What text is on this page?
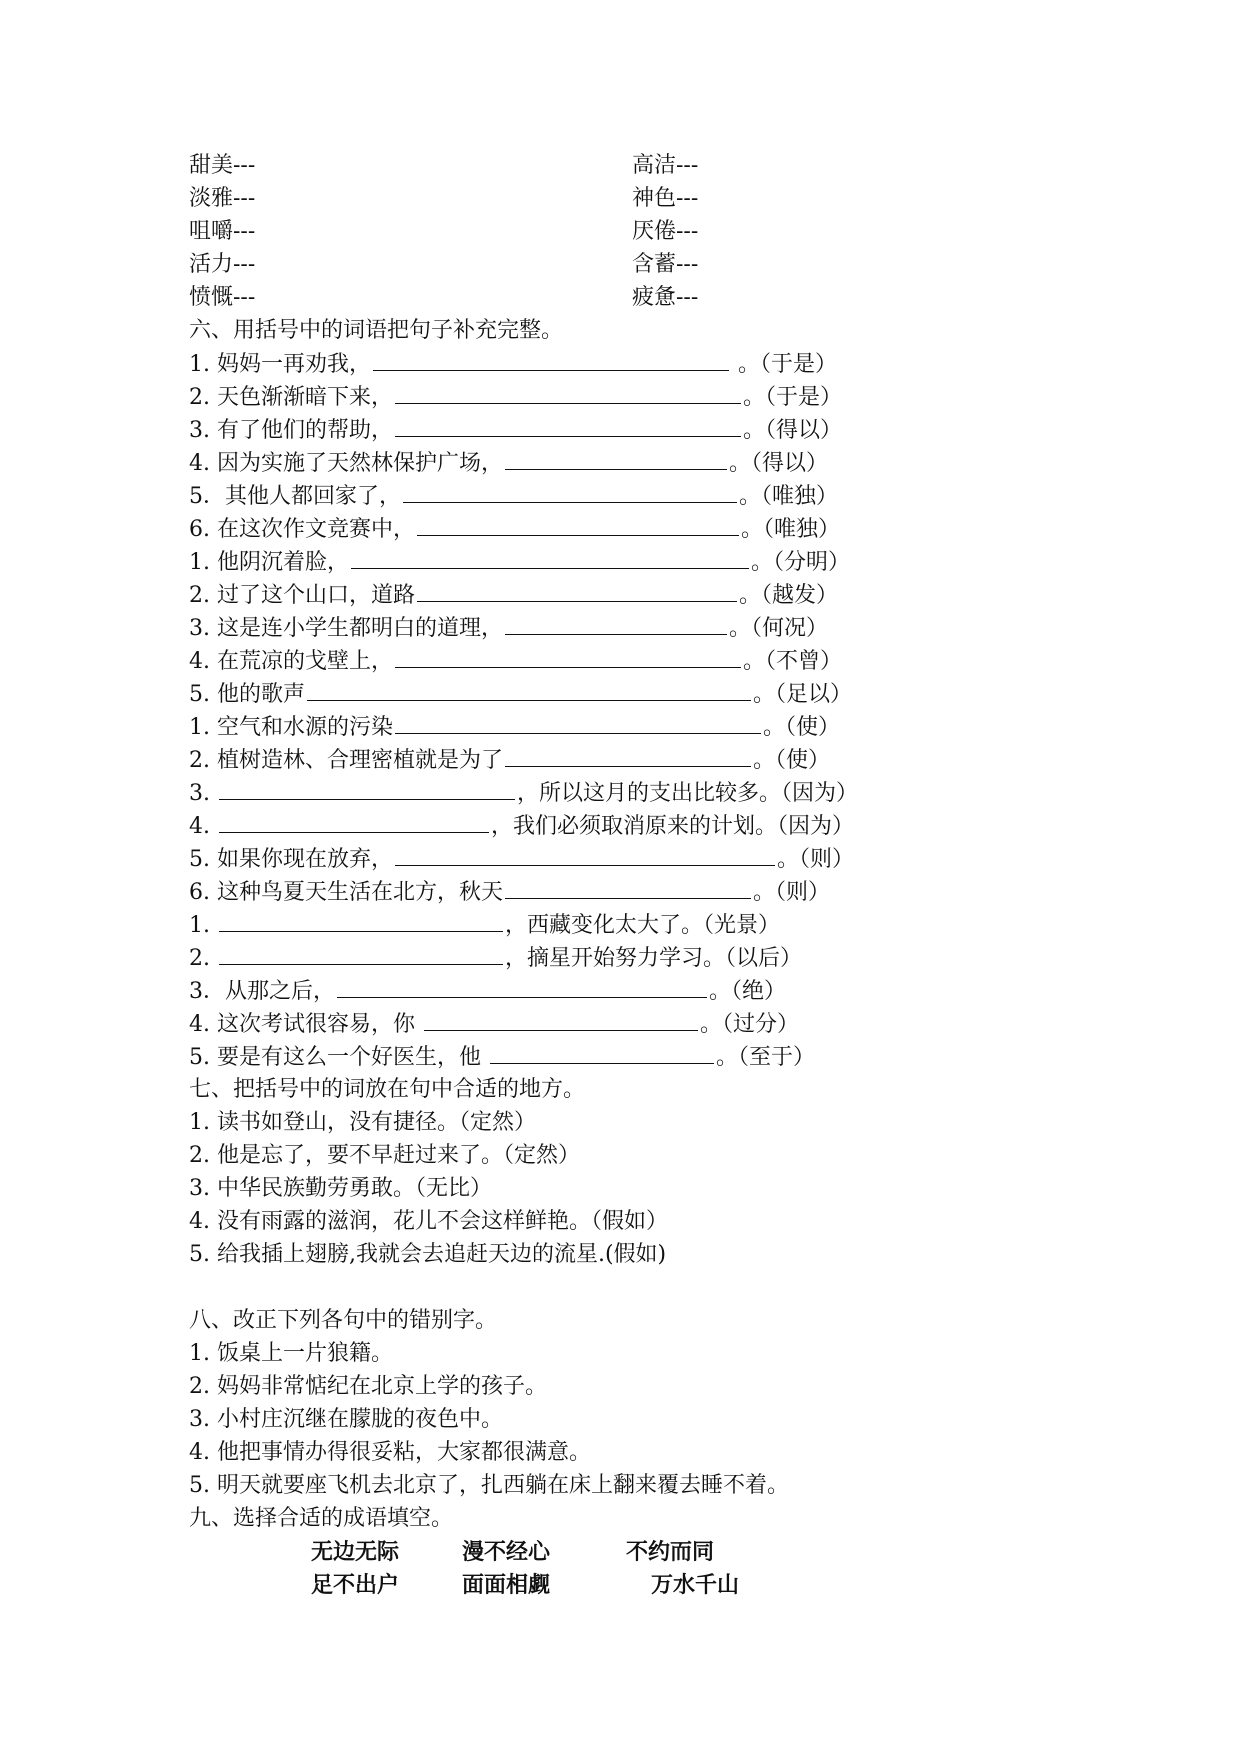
甜美---	高洁---
淡雅---	神色---
咀嚼---	厌倦---
活力---	含蓄---
愤慨---	疲惫---
六、用括号中的词语把句子补充完整。
1. 妈妈一再劝我，	。（于是）
2. 天色渐渐暗下来，	。（于是）
3. 有了他们的帮助，	。（得以）
4. 因为实施了天然林保护广场，	。（得以）
5．其他人都回家了，	。（唯独）
6. 在这次作文竞赛中，	。（唯独）
1. 他阴沉着脸，	。（分明）
2. 过了这个山口，道路	。（越发）
3. 这是连小学生都明白的道理，	。（何况）
4. 在荒凉的戈壁上，	。（不曾）
5. 他的歌声	。（足以）
1. 空气和水源的污染	。（使）
2. 植树造林、合理密植就是为了	。（使）
3.	，所以这月的支出比较多。（因为）
4.	，我们必须取消原来的计划。（因为）
5. 如果你现在放弃，	。（则）
6. 这种鸟夏天生活在北方，秋天	。（则）
1.	，西藏变化太大了。（光景）
2.	，摘星开始努力学习。（以后）
3．从那之后，	。（绝）
4. 这次考试很容易，你	。（过分）
5. 要是有这么一个好医生，他	。（至于）
七、把括号中的词放在句中合适的地方。
1. 读书如登山，没有捷径。（定然）
2. 他是忘了，要不早赶过来了。（定然）
3. 中华民族勤劳勇敢。（无比）
4. 没有雨露的滋润，花儿不会这样鲜艳。（假如）
5. 给我插上翅膀,我就会去追赶天边的流星.(假如)
八、改正下列各句中的错别字。
1. 饭桌上一片狼籍。
2. 妈妈非常惦纪在北京上学的孩子。
3. 小村庄沉继在朦胧的夜色中。
4. 他把事情办得很妥粘，大家都很满意。
5. 明天就要座飞机去北京了，扎西躺在床上翻来覆去睡不着。
九、选择合适的成语填空。
无边无际	漫不经心	不约而同
足不出户	面面相觑	万水千山
